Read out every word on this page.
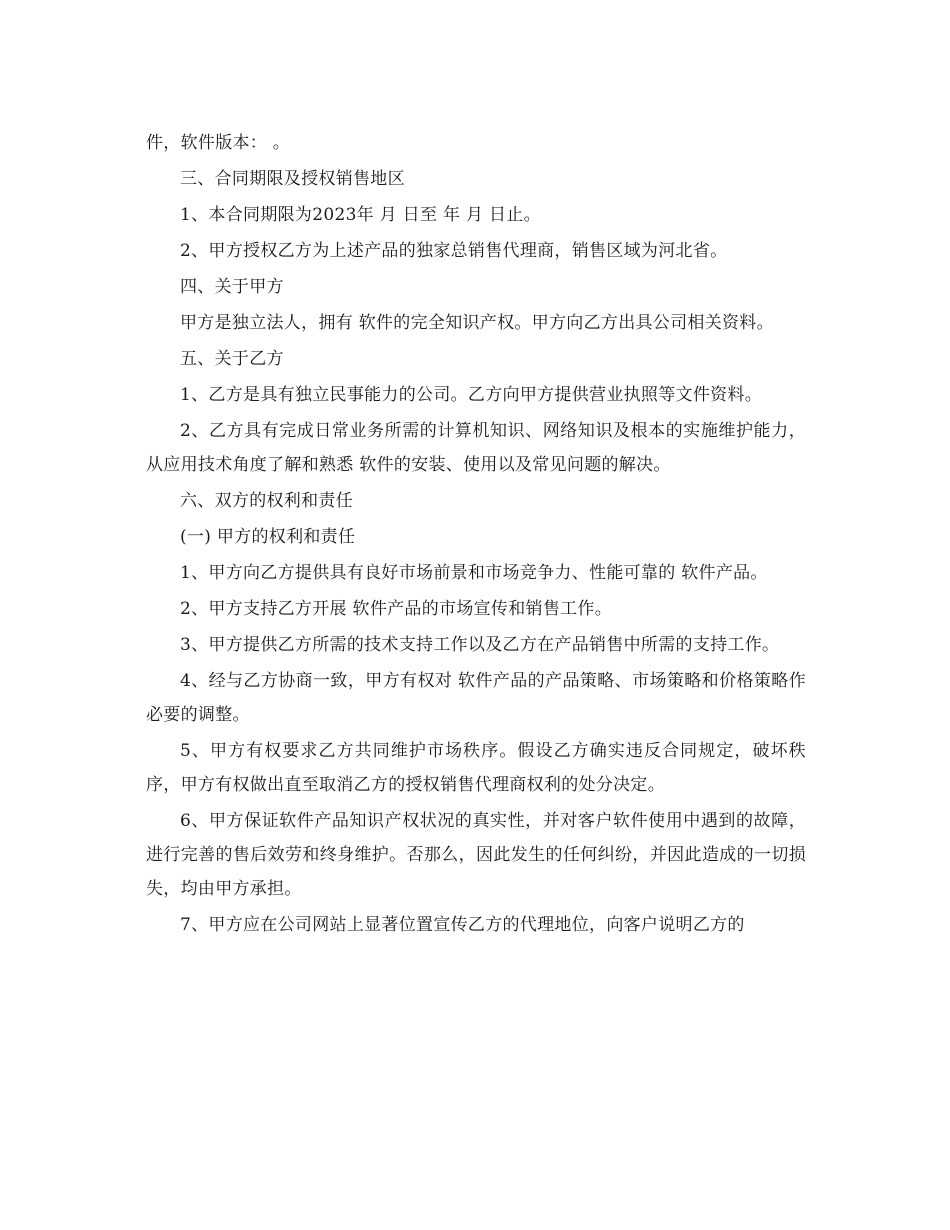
件，软件版本： 。

三、合同期限及授权销售地区

1、本合同期限为2023年 月 日至 年 月 日止。

2、甲方授权乙方为上述产品的独家总销售代理商，销售区域为河北省。

四、关于甲方

甲方是独立法人，拥有 软件的完全知识产权。甲方向乙方出具公司相关资料。

五、关于乙方

1、乙方是具有独立民事能力的公司。乙方向甲方提供营业执照等文件资料。

2、乙方具有完成日常业务所需的计算机知识、网络知识及根本的实施维护能力，从应用技术角度了解和熟悉 软件的安装、使用以及常见问题的解决。

六、双方的权利和责任

(一) 甲方的权利和责任

1、甲方向乙方提供具有良好市场前景和市场竞争力、性能可靠的 软件产品。

2、甲方支持乙方开展 软件产品的市场宣传和销售工作。

3、甲方提供乙方所需的技术支持工作以及乙方在产品销售中所需的支持工作。

4、经与乙方协商一致，甲方有权对 软件产品的产品策略、市场策略和价格策略作必要的调整。

5、甲方有权要求乙方共同维护市场秩序。假设乙方确实违反合同规定，破坏秩序，甲方有权做出直至取消乙方的授权销售代理商权利的处分决定。

6、甲方保证软件产品知识产权状况的真实性，并对客户软件使用中遇到的故障，进行完善的售后效劳和终身维护。否那么，因此发生的任何纠纷，并因此造成的一切损失，均由甲方承担。

7、甲方应在公司网站上显著位置宣传乙方的代理地位，向客户说明乙方的
